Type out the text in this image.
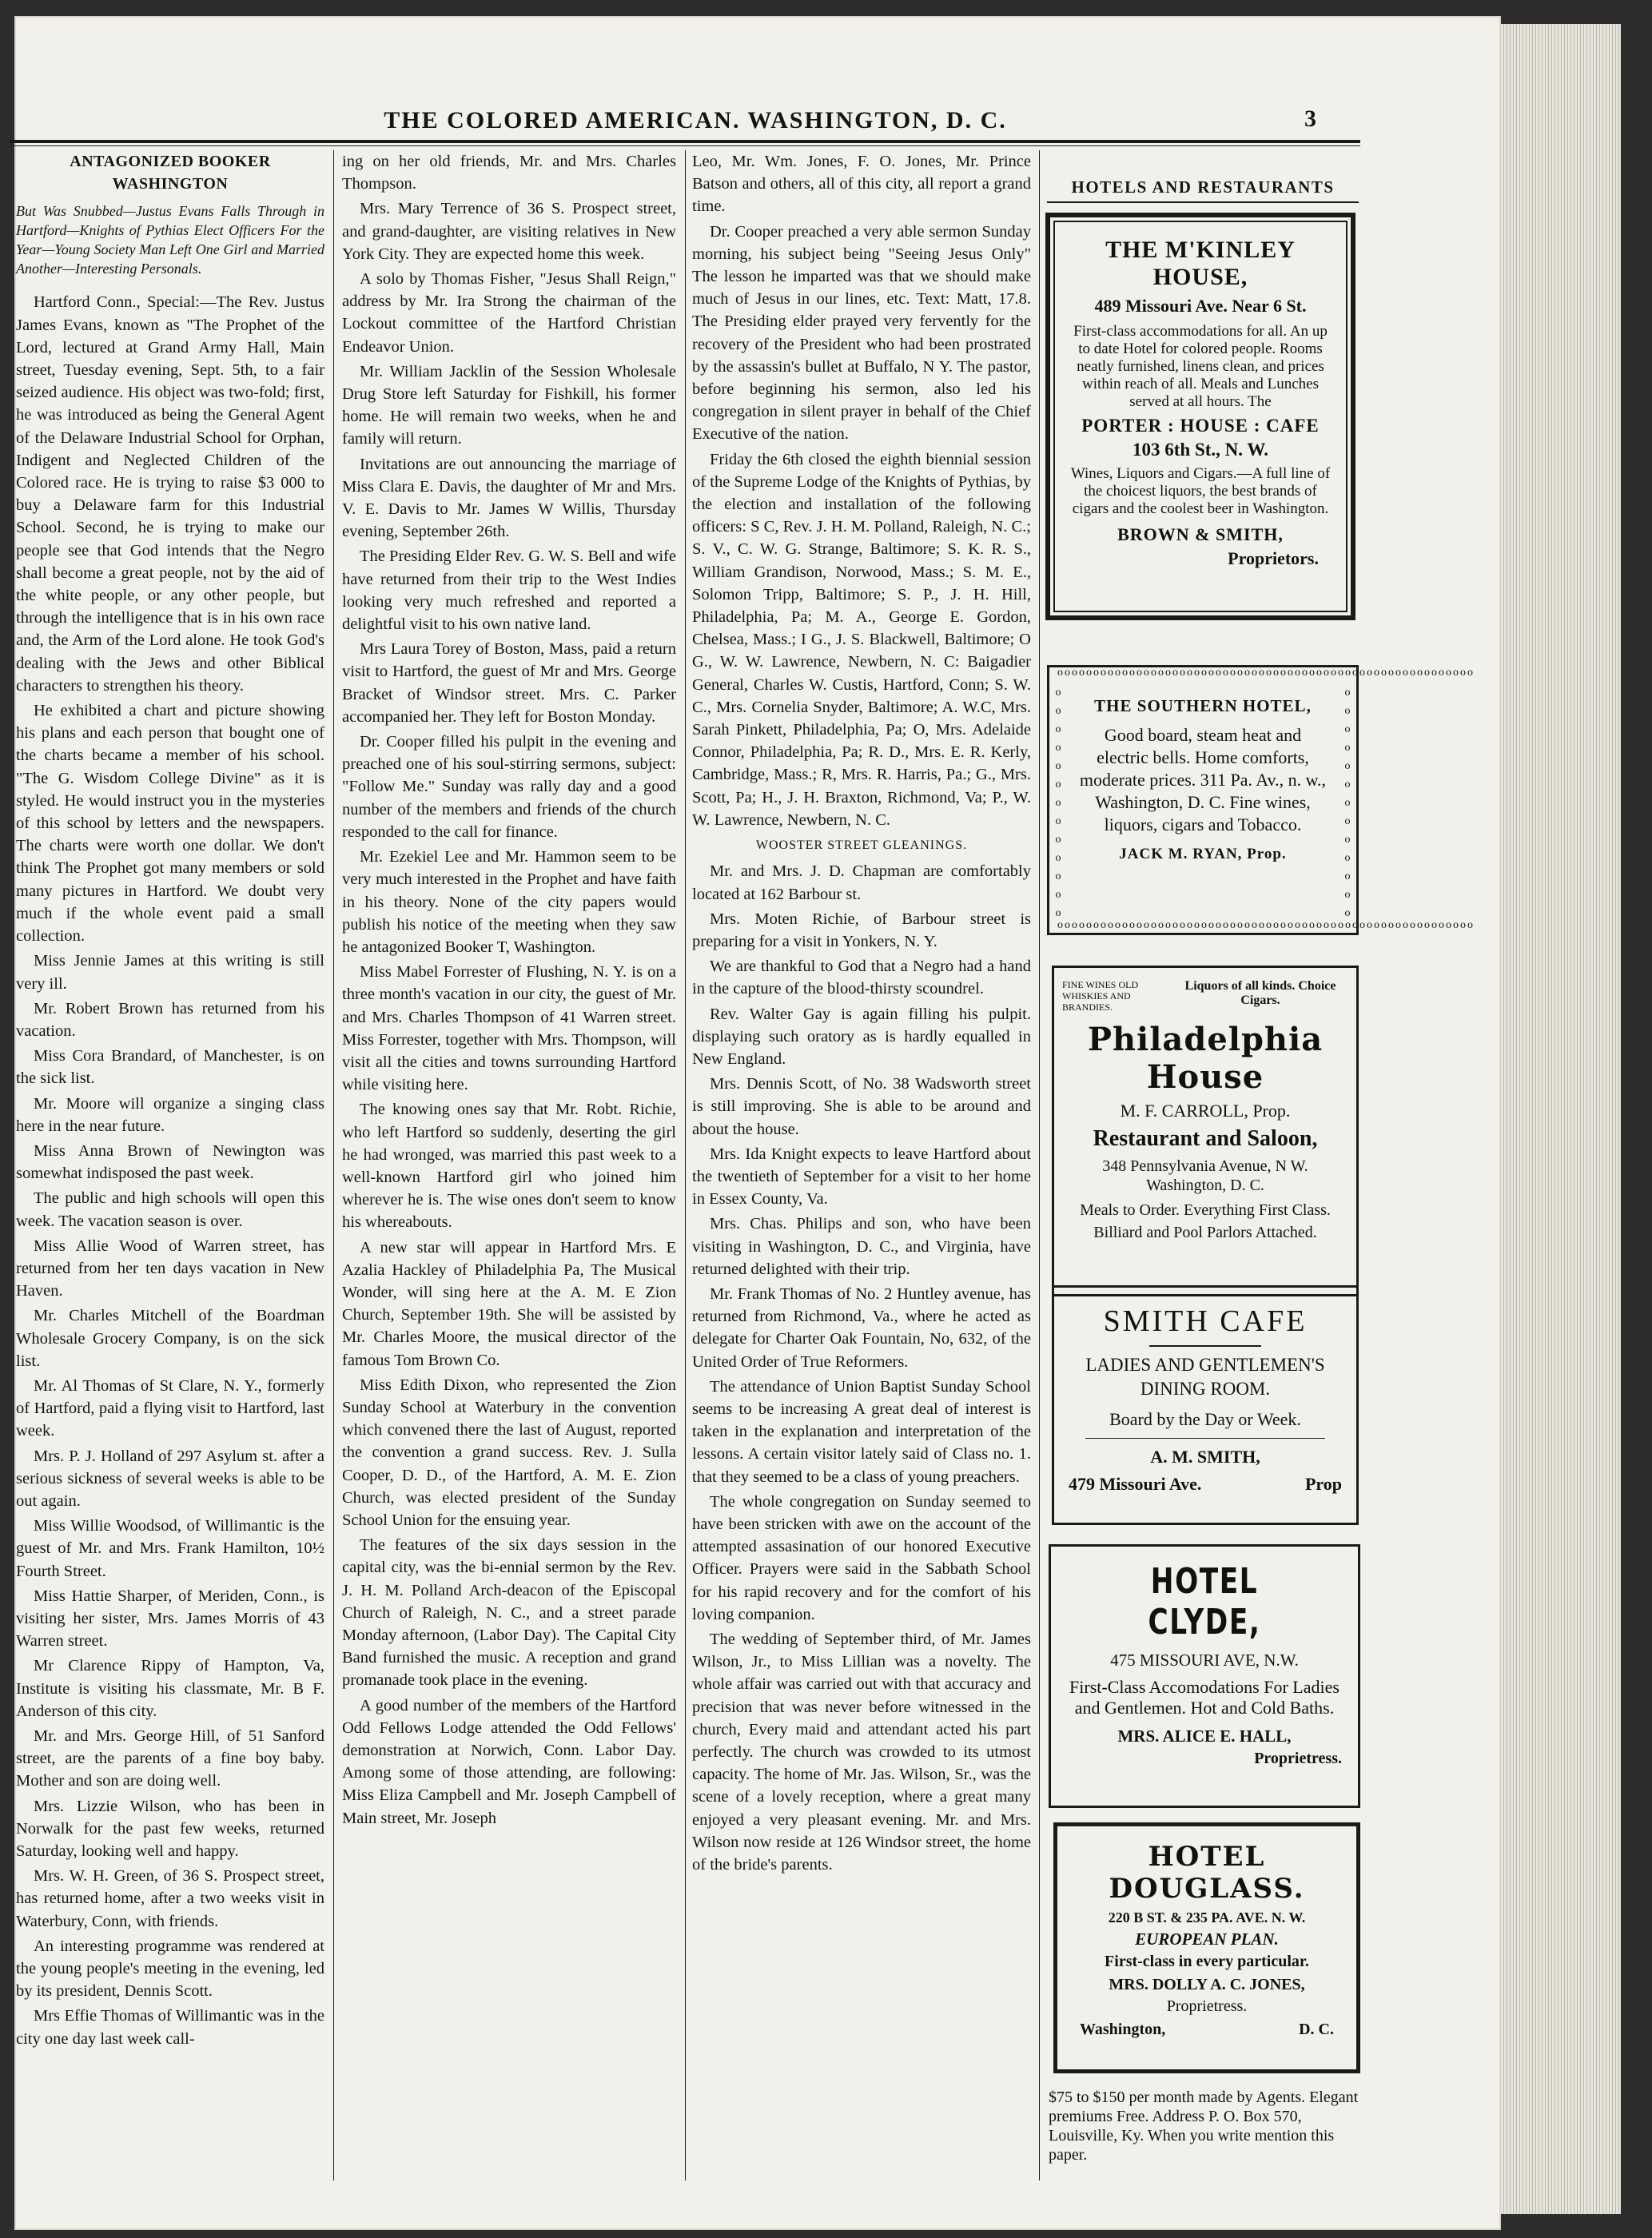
THE COLORED AMERICAN. WASHINGTON, D. C.	3
ANTAGONIZED BOOKER WASHINGTON
But Was Snubbed—Justus Evans Falls Through in Hartford—Knights of Pythias Elect Officers For the Year—Young Society Man Left One Girl and Married Another—Interesting Personals.

Hartford Conn., Special:—The Rev. Justus James Evans, known as "The Prophet of the Lord, lectured at Grand Army Hall, Main street, Tuesday evening, Sept. 5th, to a fair seized audience. His object was two-fold; first, he was introduced as being the General Agent of the Delaware Industrial School for Orphan, Indigent and Neglected Children of the Colored race. He is trying to raise $3 000 to buy a Delaware farm for this Industrial School. Second, he is trying to make our people see that God intends that the Negro shall become a great people, not by the aid of the white people, or any other people, but through the intelligence that is in his own race and, the Arm of the Lord alone. He took God's dealing with the Jews and other Biblical characters to strengthen his theory.

He exhibited a chart and picture showing his plans and each person that bought one of the charts became a member of his school. "The G. Wisdom College Divine" as it is styled. He would instruct you in the mysteries of this school by letters and the newspapers. The charts were worth one dollar. We don't think The Prophet got many members or sold many pictures in Hartford. We doubt very much if the whole event paid a small collection.

Miss Jennie James at this writing is still very ill.

Mr. Robert Brown has returned from his vacation.

Miss Cora Brandard, of Manchester, is on the sick list.

Mr. Moore will organize a singing class here in the near future.

Miss Anna Brown of Newington was somewhat indisposed the past week.

The public and high schools will open this week. The vacation season is over.

Miss Allie Wood of Warren street, has returned from her ten days vacation in New Haven.

Mr. Charles Mitchell of the Boardman Wholesale Grocery Company, is on the sick list.

Mr. Al Thomas of St Clare, N. Y., formerly of Hartford, paid a flying visit to Hartford, last week.

Mrs. P. J. Holland of 297 Asylum st. after a serious sickness of several weeks is able to be out again.

Miss Willie Woodsod, of Willimantic is the guest of Mr. and Mrs. Frank Hamilton, 10½ Fourth Street.

Miss Hattie Sharper, of Meriden, Conn., is visiting her sister, Mrs. James Morris of 43 Warren street.

Mr Clarence Rippy of Hampton, Va, Institute is visiting his classmate, Mr. B F. Anderson of this city.

Mr. and Mrs. George Hill, of 51 Sanford street, are the parents of a fine boy baby. Mother and son are doing well.

Mrs. Lizzie Wilson, who has been in Norwalk for the past few weeks, returned Saturday, looking well and happy.

Mrs. W. H. Green, of 36 S. Prospect street, has returned home, after a two weeks visit in Waterbury, Conn, with friends.

An interesting programme was rendered at the young people's meeting in the evening, led by its president, Dennis Scott.

Mrs Effie Thomas of Willimantic was in the city one day last week call-

ing on her old friends, Mr. and Mrs. Charles Thompson.

Mrs. Mary Terrence of 36 S. Prospect street, and grand-daughter, are visiting relatives in New York City. They are expected home this week.

A solo by Thomas Fisher, "Jesus Shall Reign," address by Mr. Ira Strong the chairman of the Lockout committee of the Hartford Christian Endeavor Union.

Mr. William Jacklin of the Session Wholesale Drug Store left Saturday for Fishkill, his former home. He will remain two weeks, when he and family will return.

Invitations are out announcing the marriage of Miss Clara E. Davis, the daughter of Mr and Mrs. V. E. Davis to Mr. James W Willis, Thursday evening, September 26th.

The Presiding Elder Rev. G. W. S. Bell and wife have returned from their trip to the West Indies looking very much refreshed and reported a delightful visit to his own native land.

Mrs Laura Torey of Boston, Mass, paid a return visit to Hartford, the guest of Mr and Mrs. George Bracket of Windsor street. Mrs. C. Parker accompanied her. They left for Boston Monday.

Dr. Cooper filled his pulpit in the evening and preached one of his soul-stirring sermons, subject: "Follow Me." Sunday was rally day and a good number of the members and friends of the church responded to the call for finance.

Mr. Ezekiel Lee and Mr. Hammon seem to be very much interested in the Prophet and have faith in his theory. None of the city papers would publish his notice of the meeting when they saw he antagonized Booker T, Washington.

Miss Mabel Forrester of Flushing, N. Y. is on a three month's vacation in our city, the guest of Mr. and Mrs. Charles Thompson of 41 Warren street. Miss Forrester, together with Mrs. Thompson, will visit all the cities and towns surrounding Hartford while visiting here.

The knowing ones say that Mr. Robt. Richie, who left Hartford so suddenly, deserting the girl he had wronged, was married this past week to a well-known Hartford girl who joined him wherever he is. The wise ones don't seem to know his whereabouts.

A new star will appear in Hartford Mrs. E Azalia Hackley of Philadelphia Pa, The Musical Wonder, will sing here at the A. M. E Zion Church, September 19th. She will be assisted by Mr. Charles Moore, the musical director of the famous Tom Brown Co.

Miss Edith Dixon, who represented the Zion Sunday School at Waterbury in the convention which convened there the last of August, reported the convention a grand success. Rev. J. Sulla Cooper, D. D., of the Hartford, A. M. E. Zion Church, was elected president of the Sunday School Union for the ensuing year.

The features of the six days session in the capital city, was the bi-ennial sermon by the Rev. J. H. M. Polland Arch-deacon of the Episcopal Church of Raleigh, N. C., and a street parade Monday afternoon, (Labor Day). The Capital City Band furnished the music. A reception and grand promanade took place in the evening.

A good number of the members of the Hartford Odd Fellows Lodge attended the Odd Fellows' demonstration at Norwich, Conn. Labor Day. Among some of those attending, are following: Miss Eliza Campbell and Mr. Joseph Campbell of Main street, Mr. Joseph

Leo, Mr. Wm. Jones, F. O. Jones, Mr. Prince Batson and others, all of this city, all report a grand time.

Dr. Cooper preached a very able sermon Sunday morning, his subject being "Seeing Jesus Only" The lesson he imparted was that we should make much of Jesus in our lines, etc. Text: Matt, 17.8. The Presiding elder prayed very fervently for the recovery of the President who had been prostrated by the assassin's bullet at Buffalo, N Y. The pastor, before beginning his sermon, also led his congregation in silent prayer in behalf of the Chief Executive of the nation.

Friday the 6th closed the eighth biennial session of the Supreme Lodge of the Knights of Pythias, by the election and installation of the following officers: S C, Rev. J. H. M. Polland, Raleigh, N. C.; S. V., C. W. G. Strange, Baltimore; S. K. R. S., William Grandison, Norwood, Mass.; S. M. E., Solomon Tripp, Baltimore; S. P., J. H. Hill, Philadelphia, Pa; M. A., George E. Gordon, Chelsea, Mass.; I G., J. S. Blackwell, Baltimore; O G., W. W. Lawrence, Newbern, N. C: Baigadier General, Charles W. Custis, Hartford, Conn; S. W. C., Mrs. Cornelia Snyder, Baltimore; A. W.C, Mrs. Sarah Pinkett, Philadelphia, Pa; O, Mrs. Adelaide Connor, Philadelphia, Pa; R. D., Mrs. E. R. Kerly, Cambridge, Mass.; R, Mrs. R. Harris, Pa.; G., Mrs. Scott, Pa; H., J. H. Braxton, Richmond, Va; P., W. W. Lawrence, Newbern, N. C.

WOOSTER STREET GLEANINGS.

Mr. and Mrs. J. D. Chapman are comfortably located at 162 Barbour st.

Mrs. Moten Richie, of Barbour street is preparing for a visit in Yonkers, N. Y.

We are thankful to God that a Negro had a hand in the capture of the blood-thirsty scoundrel.

Rev. Walter Gay is again filling his pulpit. displaying such oratory as is hardly equalled in New England.

Mrs. Dennis Scott, of No. 38 Wadsworth street is still improving. She is able to be around and about the house.

Mrs. Ida Knight expects to leave Hartford about the twentieth of September for a visit to her home in Essex County, Va.

Mrs. Chas. Philips and son, who have been visiting in Washington, D. C., and Virginia, have returned delighted with their trip.

Mr. Frank Thomas of No. 2 Huntley avenue, has returned from Richmond, Va., where he acted as delegate for Charter Oak Fountain, No, 632, of the United Order of True Reformers.

The attendance of Union Baptist Sunday School seems to be increasing A great deal of interest is taken in the explanation and interpretation of the lessons. A certain visitor lately said of Class no. 1. that they seemed to be a class of young preachers.

The whole congregation on Sunday seemed to have been stricken with awe on the account of the attempted assasination of our honored Executive Officer. Prayers were said in the Sabbath School for his rapid recovery and for the comfort of his loving companion.

The wedding of September third, of Mr. James Wilson, Jr., to Miss Lillian was a novelty. The whole affair was carried out with that accuracy and precision that was never before witnessed in the church, Every maid and attendant acted his part perfectly. The church was crowded to its utmost capacity. The home of Mr. Jas. Wilson, Sr., was the scene of a lovely reception, where a great many enjoyed a very pleasant evening. Mr. and Mrs. Wilson now reside at 126 Windsor street, the home of the bride's parents.

HOTELS AND RESTAURANTS
THE M'KINLEY HOUSE,
489 Missouri Ave. Near 6 St.
First-class accommodations for all. An up to date Hotel for colored people. Rooms neatly furnished, linens clean, and prices within reach of all. Meals and Lunches served at all hours. The
PORTER : HOUSE : CAFE
103 6th St., N. W.
Wines, Liquors and Cigars.—A full line of the choicest liquors, the best brands of cigars and the coolest beer in Washington.
BROWN & SMITH,
Proprietors.
oooooooooooooooooooooooooooooooooooooooooooooooooooooooooo
o o o o o o o o o o o o o
o o o o o o o o o o o o o
oooooooooooooooooooooooooooooooooooooooooooooooooooooooooo
THE SOUTHERN HOTEL,
Good board, steam heat and electric bells. Home comforts, moderate prices. 311 Pa. Av., n. w., Washington, D. C. Fine wines, liquors, cigars and Tobacco.
JACK M. RYAN, Prop.
FINE WINES OLD WHISKIES AND BRANDIES.
Liquors of all kinds. Choice Cigars.
Philadelphia House
M. F. CARROLL, Prop.
Restaurant and Saloon,
348 Pennsylvania Avenue, N W. Washington, D. C.
Meals to Order. Everything First Class.
Billiard and Pool Parlors Attached.
SMITH CAFE
LADIES AND GENTLEMEN'S DINING ROOM.
Board by the Day or Week.
A. M. SMITH,
479 Missouri Ave.	Prop
HOTEL CLYDE,
475 MISSOURI AVE, N.W.
First-Class Accomodations For Ladies and Gentlemen. Hot and Cold Baths.
MRS. ALICE E. HALL,
Proprietress.
HOTEL DOUGLASS.
220 B ST. & 235 PA. AVE. N. W.
EUROPEAN PLAN.
First-class in every particular.
MRS. DOLLY A. C. JONES,
Proprietress.
Washington,	D. C.
$75 to $150 per month made by Agents. Elegant premiums Free. Address P. O. Box 570, Louisville, Ky. When you write mention this paper.
